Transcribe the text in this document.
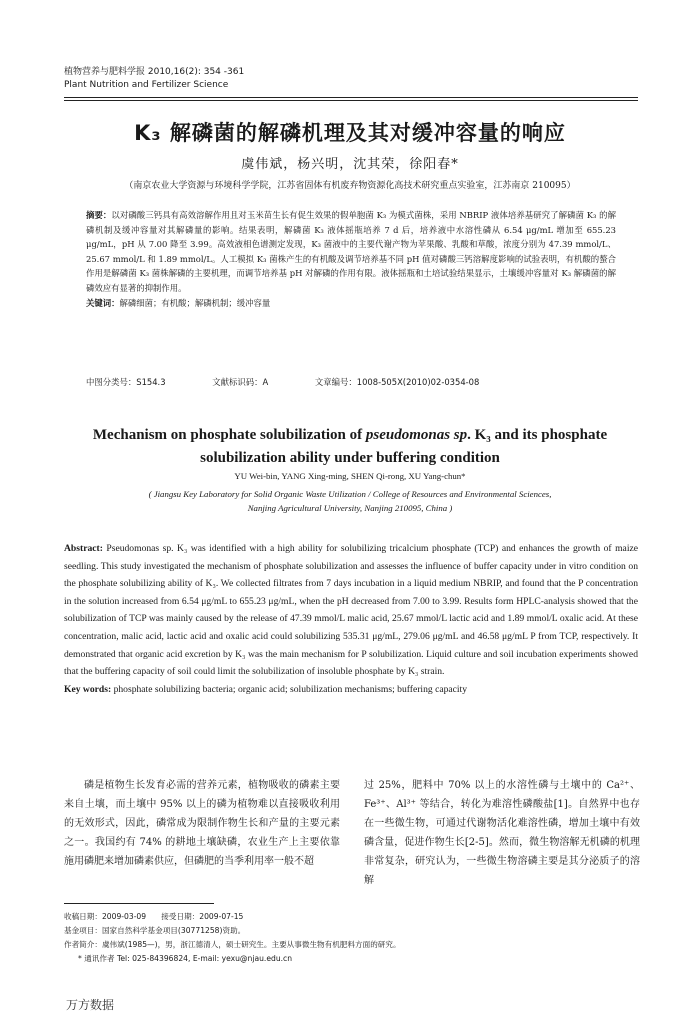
植物营养与肥料学报 2010,16(2): 354 -361
Plant Nutrition and Fertilizer Science
K₃ 解磷菌的解磷机理及其对缓冲容量的响应
虞伟斌，杨兴明，沈其荣，徐阳春*
（南京农业大学资源与环境科学学院，江苏省固体有机废弃物资源化高技术研究重点实验室，江苏南京 210095）
摘要：以对磷酸三钙具有高效溶解作用且对玉米苗生长有促生效果的假单胞菌 K₃ 为模式菌株，采用 NBRIP 液体培养基研究了解磷菌 K₃ 的解磷机制及缓冲容量对其解磷量的影响。结果表明，解磷菌 K₃ 液体摇瓶培养 7 d 后，培养液中水溶性磷从 6.54 μg/mL 增加至 655.23 μg/mL，pH 从 7.00 降至 3.99。高效液相色谱测定发现，K₃ 菌液中的主要代谢产物为苹果酸、乳酸和草酸，浓度分别为 47.39 mmol/L、25.67 mmol/L 和 1.89 mmol/L。人工模拟 K₃ 菌株产生的有机酸及调节培养基不同 pH 值对磷酸三钙溶解度影响的试验表明，有机酸的螯合作用是解磷菌 K₃ 菌株解磷的主要机理，而调节培养基 pH 对解磷的作用有限。液体摇瓶和土培试验结果显示，土壤缓冲容量对 K₃ 解磷菌的解磷效应有显著的抑制作用。
关键词：解磷细菌；有机酸；解磷机制；缓冲容量
中图分类号：S154.3	文献标识码：A	文章编号：1008-505X(2010)02-0354-08
Mechanism on phosphate solubilization of pseudomonas sp. K₃ and its phosphate solubilization ability under buffering condition
YU Wei-bin, YANG Xing-ming, SHEN Qi-rong, XU Yang-chun*
( Jiangsu Key Laboratory for Solid Organic Waste Utilization / College of Resources and Environmental Sciences,
Nanjing Agricultural University, Nanjing 210095, China )
Abstract: Pseudomonas sp. K₃ was identified with a high ability for solubilizing tricalcium phosphate (TCP) and enhances the growth of maize seedling. This study investigated the mechanism of phosphate solubilization and assesses the influence of buffer capacity under in vitro condition on the phosphate solubilizing ability of K₃. We collected filtrates from 7 days incubation in a liquid medium NBRIP, and found that the P concentration in the solution increased from 6.54 μg/mL to 655.23 μg/mL, when the pH decreased from 7.00 to 3.99. Results form HPLC-analysis showed that the solubilization of TCP was mainly caused by the release of 47.39 mmol/L malic acid, 25.67 mmol/L lactic acid and 1.89 mmol/L oxalic acid. At these concentration, malic acid, lactic acid and oxalic acid could solubilizing 535.31 μg/mL, 279.06 μg/mL and 46.58 μg/mL P from TCP, respectively. It demonstrated that organic acid excretion by K₃ was the main mechanism for P solubilization. Liquid culture and soil incubation experiments showed that the buffering capacity of soil could limit the solubilization of insoluble phosphate by K₃ strain.
Key words: phosphate solubilizing bacteria; organic acid; solubilization mechanisms; buffering capacity
磷是植物生长发育必需的营养元素，植物吸收的磷素主要来自土壤，而土壤中 95% 以上的磷为植物难以直接吸收利用的无效形式，因此，磷常成为限制作物生长和产量的主要元素之一。我国约有 74% 的耕地土壤缺磷，农业生产上主要依靠施用磷肥来增加磷素供应，但磷肥的当季利用率一般不超
过 25%，肥料中 70% 以上的水溶性磷与土壤中的 Ca²⁺、Fe³⁺、Al³⁺ 等结合，转化为难溶性磷酸盐[1]。自然界中也存在一些微生物，可通过代谢物活化难溶性磷，增加土壤中有效磷含量，促进作物生长[2-5]。然而，微生物溶解无机磷的机理非常复杂，研究认为，一些微生物溶磷主要是其分泌质子的溶解
收稿日期：2009-03-09　　接受日期：2009-07-15
基金项目：国家自然科学基金项目(30771258)资助。
作者简介：虞伟斌(1985—)，男，浙江德清人，硕士研究生。主要从事微生物有机肥料方面的研究。
* 通讯作者 Tel: 025-84396824, E-mail: yexu@njau.edu.cn
万方数据
